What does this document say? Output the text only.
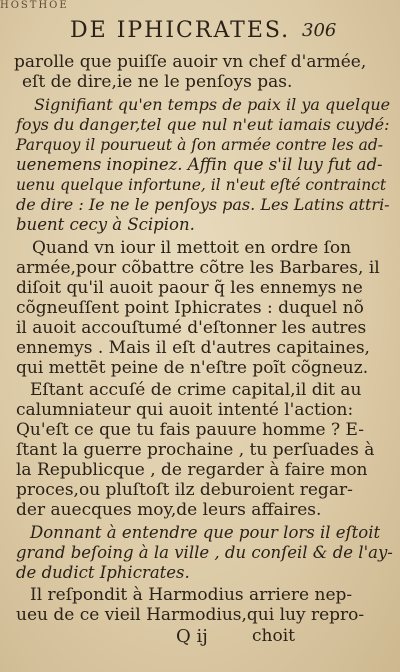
HOSTHOE
DE IPHICRATES. 306
parolle que puiſſe auoir vn chef d'armée,
eſt de dire,ie ne le penſoys pas.
Signifiant qu'en temps de paix il ya quelque
foys du danger,tel que nul n'eut iamais cuydé:
Parquoy il pourueut à ſon armée contre les ad-
uenemens inopinez. Affin que s'il luy fut ad-
uenu quelque infortune, il n'eut eſté contrainct
de dire : Ie ne le penſoys pas. Les Latins attri-
buent cecy à Scipion.
Quand vn iour il mettoit en ordre ſon
armée,pour cõbattre cõtre les Barbares, il
diſoit qu'il auoit paour q̃ les ennemys ne
cõgneuſſent point Iphicrates : duquel nõ
il auoit accouſtumé d'eſtonner les autres
ennemys . Mais il eſt d'autres capitaines,
qui mettēt peine de n'eſtre poĩt cõgneuz.
Eſtant accuſé de crime capital,il dit au
calumniateur qui auoit intenté l'action:
Qu'eſt ce que tu fais pauure homme ? E-
ſtant la guerre prochaine , tu perſuades à
la Republicque , de regarder à faire mon
proces,ou pluſtoſt ilz deburoient regar-
der auecques moy,de leurs affaires.
Donnant à entendre que pour lors il eſtoit
grand beſoing à la ville , du conſeil & de l'ay-
de dudict Iphicrates.
Il reſpondit à Harmodius arriere nep-
ueu de ce vieil Harmodius,qui luy repro-
Q ij	choit
